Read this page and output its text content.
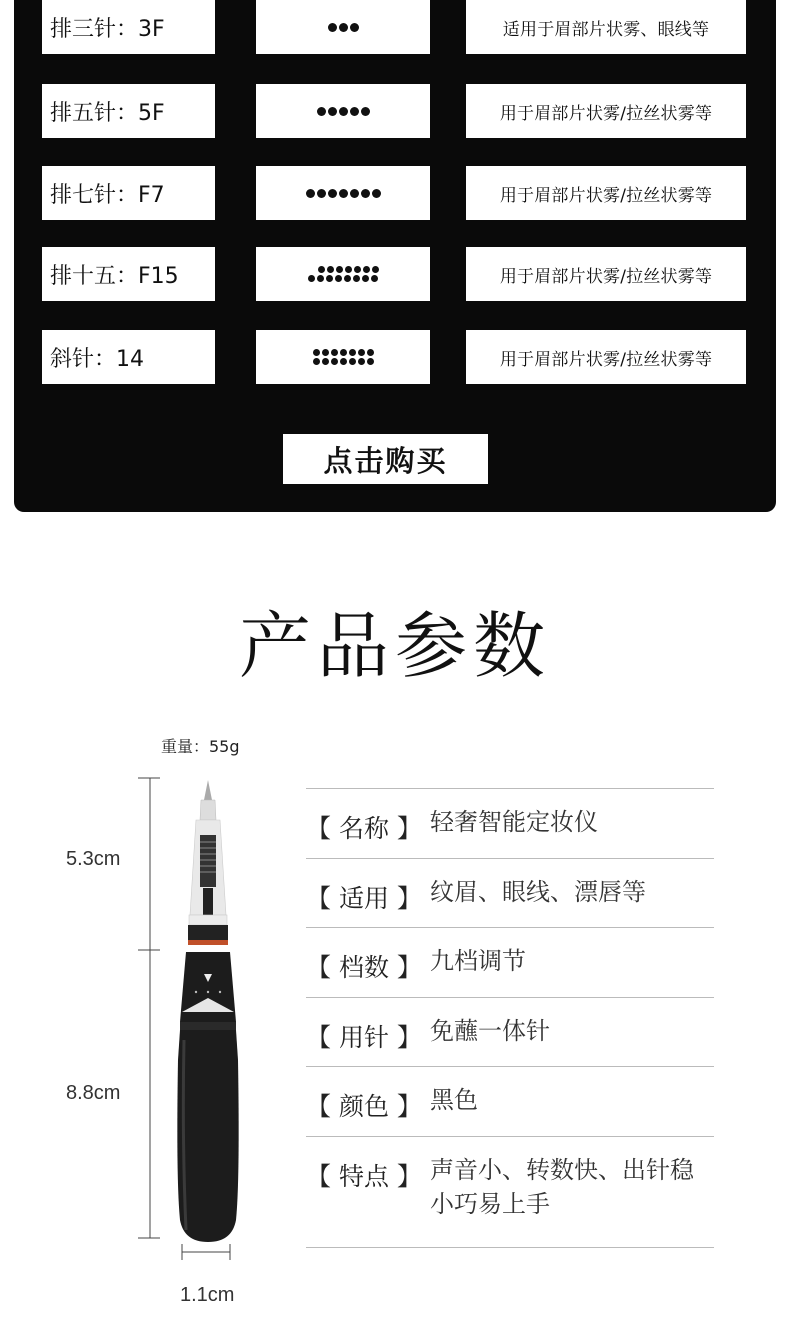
排三针：3F	适用于眉部片状雾、眼线等
排五针：5F	用于眉部片状雾/拉丝状雾等
排七针：F7	用于眉部片状雾/拉丝状雾等
排十五：F15	用于眉部片状雾/拉丝状雾等
斜针：14	用于眉部片状雾/拉丝状雾等
点击购买
产品参数
重量：55g
5.3cm
8.8cm
1.1cm
【 名称 】 轻奢智能定妆仪
【 适用 】 纹眉、眼线、漂唇等
【 档数 】 九档调节
【 用针 】 免蘸一体针
【 颜色 】 黑色
【 特点 】 声音小、转数快、出针稳
小巧易上手
